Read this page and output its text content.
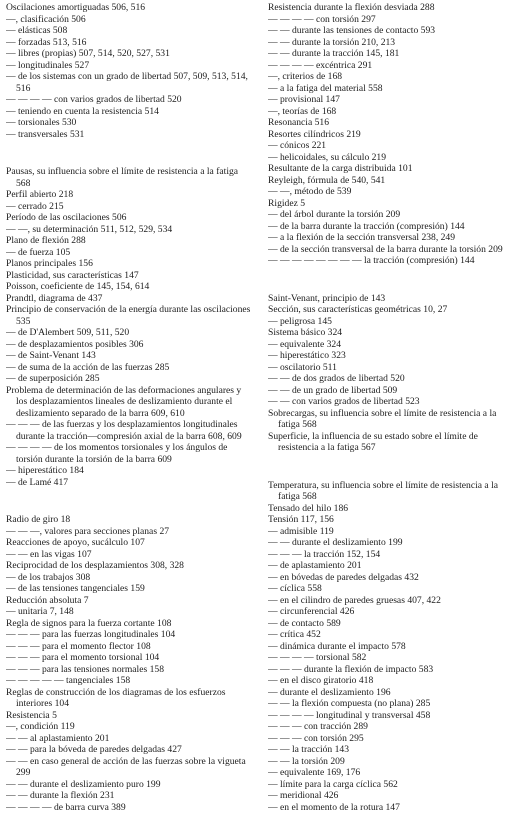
Oscilaciones amortiguadas 506, 516
—, clasificación 506
— elásticas 508
— forzadas 513, 516
— libres (propias) 507, 514, 520, 527, 531
— longitudinales 527
— de los sistemas con un grado de libertad 507, 509, 513, 514, 516
— — — — con varios grados de libertad 520
— teniendo en cuenta la resistencia 514
— torsionales 530
— transversales 531
Pausas, su influencia sobre el límite de resistencia a la fatiga 568
Perfil abierto 218
— cerrado 215
Período de las oscilaciones 506
— —, su determinación 511, 512, 529, 534
Plano de flexión 288
— de fuerza 105
Planos principales 156
Plasticidad, sus características 147
Poisson, coeficiente de 145, 154, 614
Prandtl, diagrama de 437
Principio de conservación de la energía durante las oscilaciones 535
— de D'Alembert 509, 511, 520
— de desplazamientos posibles 306
— de Saint-Venant 143
— de suma de la acción de las fuerzas 285
— de superposición 285
Problema de determinación de las deformaciones angulares y los desplazamientos lineales de deslizamiento durante el deslizamiento separado de la barra 609, 610
— — — de las fuerzas y los desplazamientos longitudinales durante la tracción—compresión axial de la barra 608, 609
— — — — de los momentos torsionales y los ángulos de torsión durante la torsión de la barra 609
— hiperestático 184
— de Lamé 417
Radio de giro 18
— — —, valores para secciones planas 27
Reacciones de apoyo, sucálculo 107
— — en las vigas 107
Reciprocidad de los desplazamientos 308, 328
— de los trabajos 308
— de las tensiones tangenciales 159
Reducción absoluta 7
— unitaria 7, 148
Regla de signos para la fuerza cortante 108
— — — para las fuerzas longitudinales 104
— — — para el momento flector 108
— — — para el momento torsional 104
— — — para las tensiones normales 158
— — — — — tangenciales 158
Reglas de construcción de los diagramas de los esfuerzos interiores 104
Resistencia 5
—, condición 119
— — al aplastamiento 201
— — para la bóveda de paredes delgadas 427
— — en caso general de acción de las fuerzas sobre la vigueta 299
— — durante el deslizamiento puro 199
— — durante la flexión 231
— — — — de barra curva 389
Resistencia durante la flexión desviada 288
— — — — con torsión 297
— — durante las tensiones de contacto 593
— — durante la torsión 210, 213
— — durante la tracción 145, 181
— — — — excéntrica 291
—, criterios de 168
— a la fatiga del material 558
— provisional 147
—, teorías de 168
Resonancia 516
Resortes cilíndricos 219
— cónicos 221
— helicoidales, su cálculo 219
Resultante de la carga distribuida 101
Reyleigh, fórmula de 540, 541
— —, método de 539
Rigidez 5
— del árbol durante la torsión 209
— de la barra durante la tracción (compresión) 144
— a la flexión de la sección transversal 238, 249
— de la sección transversal de la barra durante la torsión 209
— — — — — — — — la tracción (compresión) 144
Saint-Venant, principio de 143
Sección, sus características geométricas 10, 27
— peligrosa 145
Sistema básico 324
— equivalente 324
— hiperestático 323
— oscilatorio 511
— — de dos grados de libertad 520
— — de un grado de libertad 509
— — con varios grados de libertad 523
Sobrecargas, su influencia sobre el límite de resistencia a la fatiga 568
Superficie, la influencia de su estado sobre el límite de resistencia a la fatiga 567
Temperatura, su influencia sobre el límite de resistencia a la fatiga 568
Tensado del hilo 186
Tensión 117, 156
— admisible 119
— — durante el deslizamiento 199
— — — la tracción 152, 154
— de aplastamiento 201
— en bóvedas de paredes delgadas 432
— cíclica 558
— en el cilindro de paredes gruesas 407, 422
— circunferencial 426
— de contacto 589
— crítica 452
— dinámica durante el impacto 578
— — — — torsional 582
— — — durante la flexión de impacto 583
— en el disco giratorio 418
— durante el deslizamiento 196
— — la flexión compuesta (no plana) 285
— — — — longitudinal y transversal 458
— — — con tracción 289
— — — con torsión 295
— — la tracción 143
— — la torsión 209
— equivalente 169, 176
— límite para la carga cíclica 562
— meridional 426
— en el momento de la rotura 147
